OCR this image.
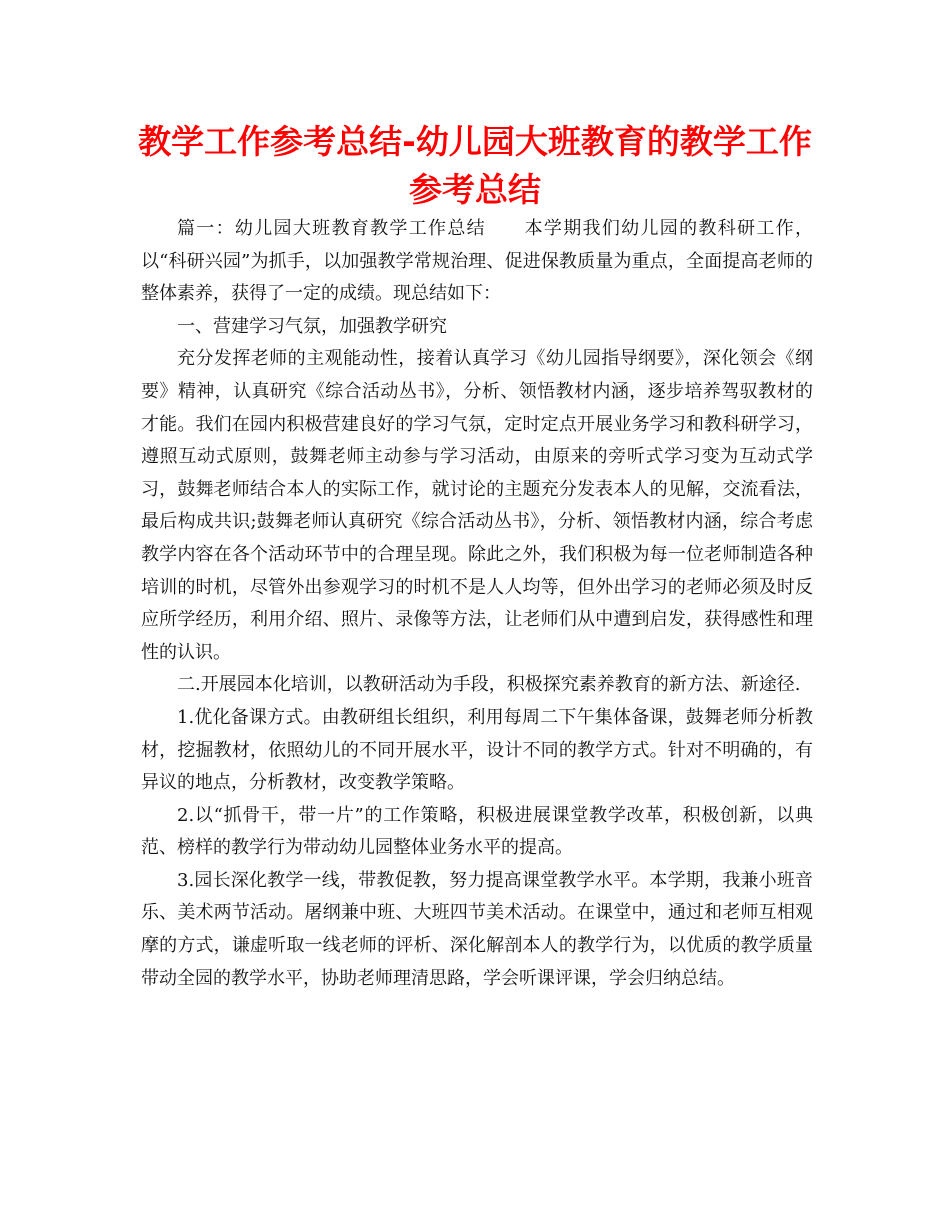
教学工作参考总结-幼儿园大班教育的教学工作参考总结

篇一：幼儿园大班教育教学工作总结　　本学期我们幼儿园的教科研工作，以“科研兴园”为抓手，以加强教学常规治理、促进保教质量为重点，全面提高老师的整体素养，获得了一定的成绩。现总结如下：

一、营建学习气氛，加强教学研究

充分发挥老师的主观能动性，接着认真学习《幼儿园指导纲要》，深化领会《纲要》精神，认真研究《综合活动丛书》，分析、领悟教材内涵，逐步培养驾驭教材的才能。我们在园内积极营建良好的学习气氛，定时定点开展业务学习和教科研学习，遵照互动式原则，鼓舞老师主动参与学习活动，由原来的旁听式学习变为互动式学习，鼓舞老师结合本人的实际工作，就讨论的主题充分发表本人的见解，交流看法，最后构成共识;鼓舞老师认真研究《综合活动丛书》，分析、领悟教材内涵，综合考虑教学内容在各个活动环节中的合理呈现。除此之外，我们积极为每一位老师制造各种培训的时机，尽管外出参观学习的时机不是人人均等，但外出学习的老师必须及时反应所学经历，利用介绍、照片、录像等方法，让老师们从中遭到启发，获得感性和理性的认识。

二.开展园本化培训，以教研活动为手段，积极探究素养教育的新方法、新途径.

1.优化备课方式。由教研组长组织，利用每周二下午集体备课，鼓舞老师分析教材，挖掘教材，依照幼儿的不同开展水平，设计不同的教学方式。针对不明确的，有异议的地点，分析教材，改变教学策略。

2.以“抓骨干，带一片”的工作策略，积极进展课堂教学改革，积极创新，以典范、榜样的教学行为带动幼儿园整体业务水平的提高。

3.园长深化教学一线，带教促教，努力提高课堂教学水平。本学期，我兼小班音乐、美术两节活动。屠纲兼中班、大班四节美术活动。在课堂中，通过和老师互相观摩的方式，谦虚听取一线老师的评析、深化解剖本人的教学行为，以优质的教学质量带动全园的教学水平，协助老师理清思路，学会听课评课，学会归纳总结。
